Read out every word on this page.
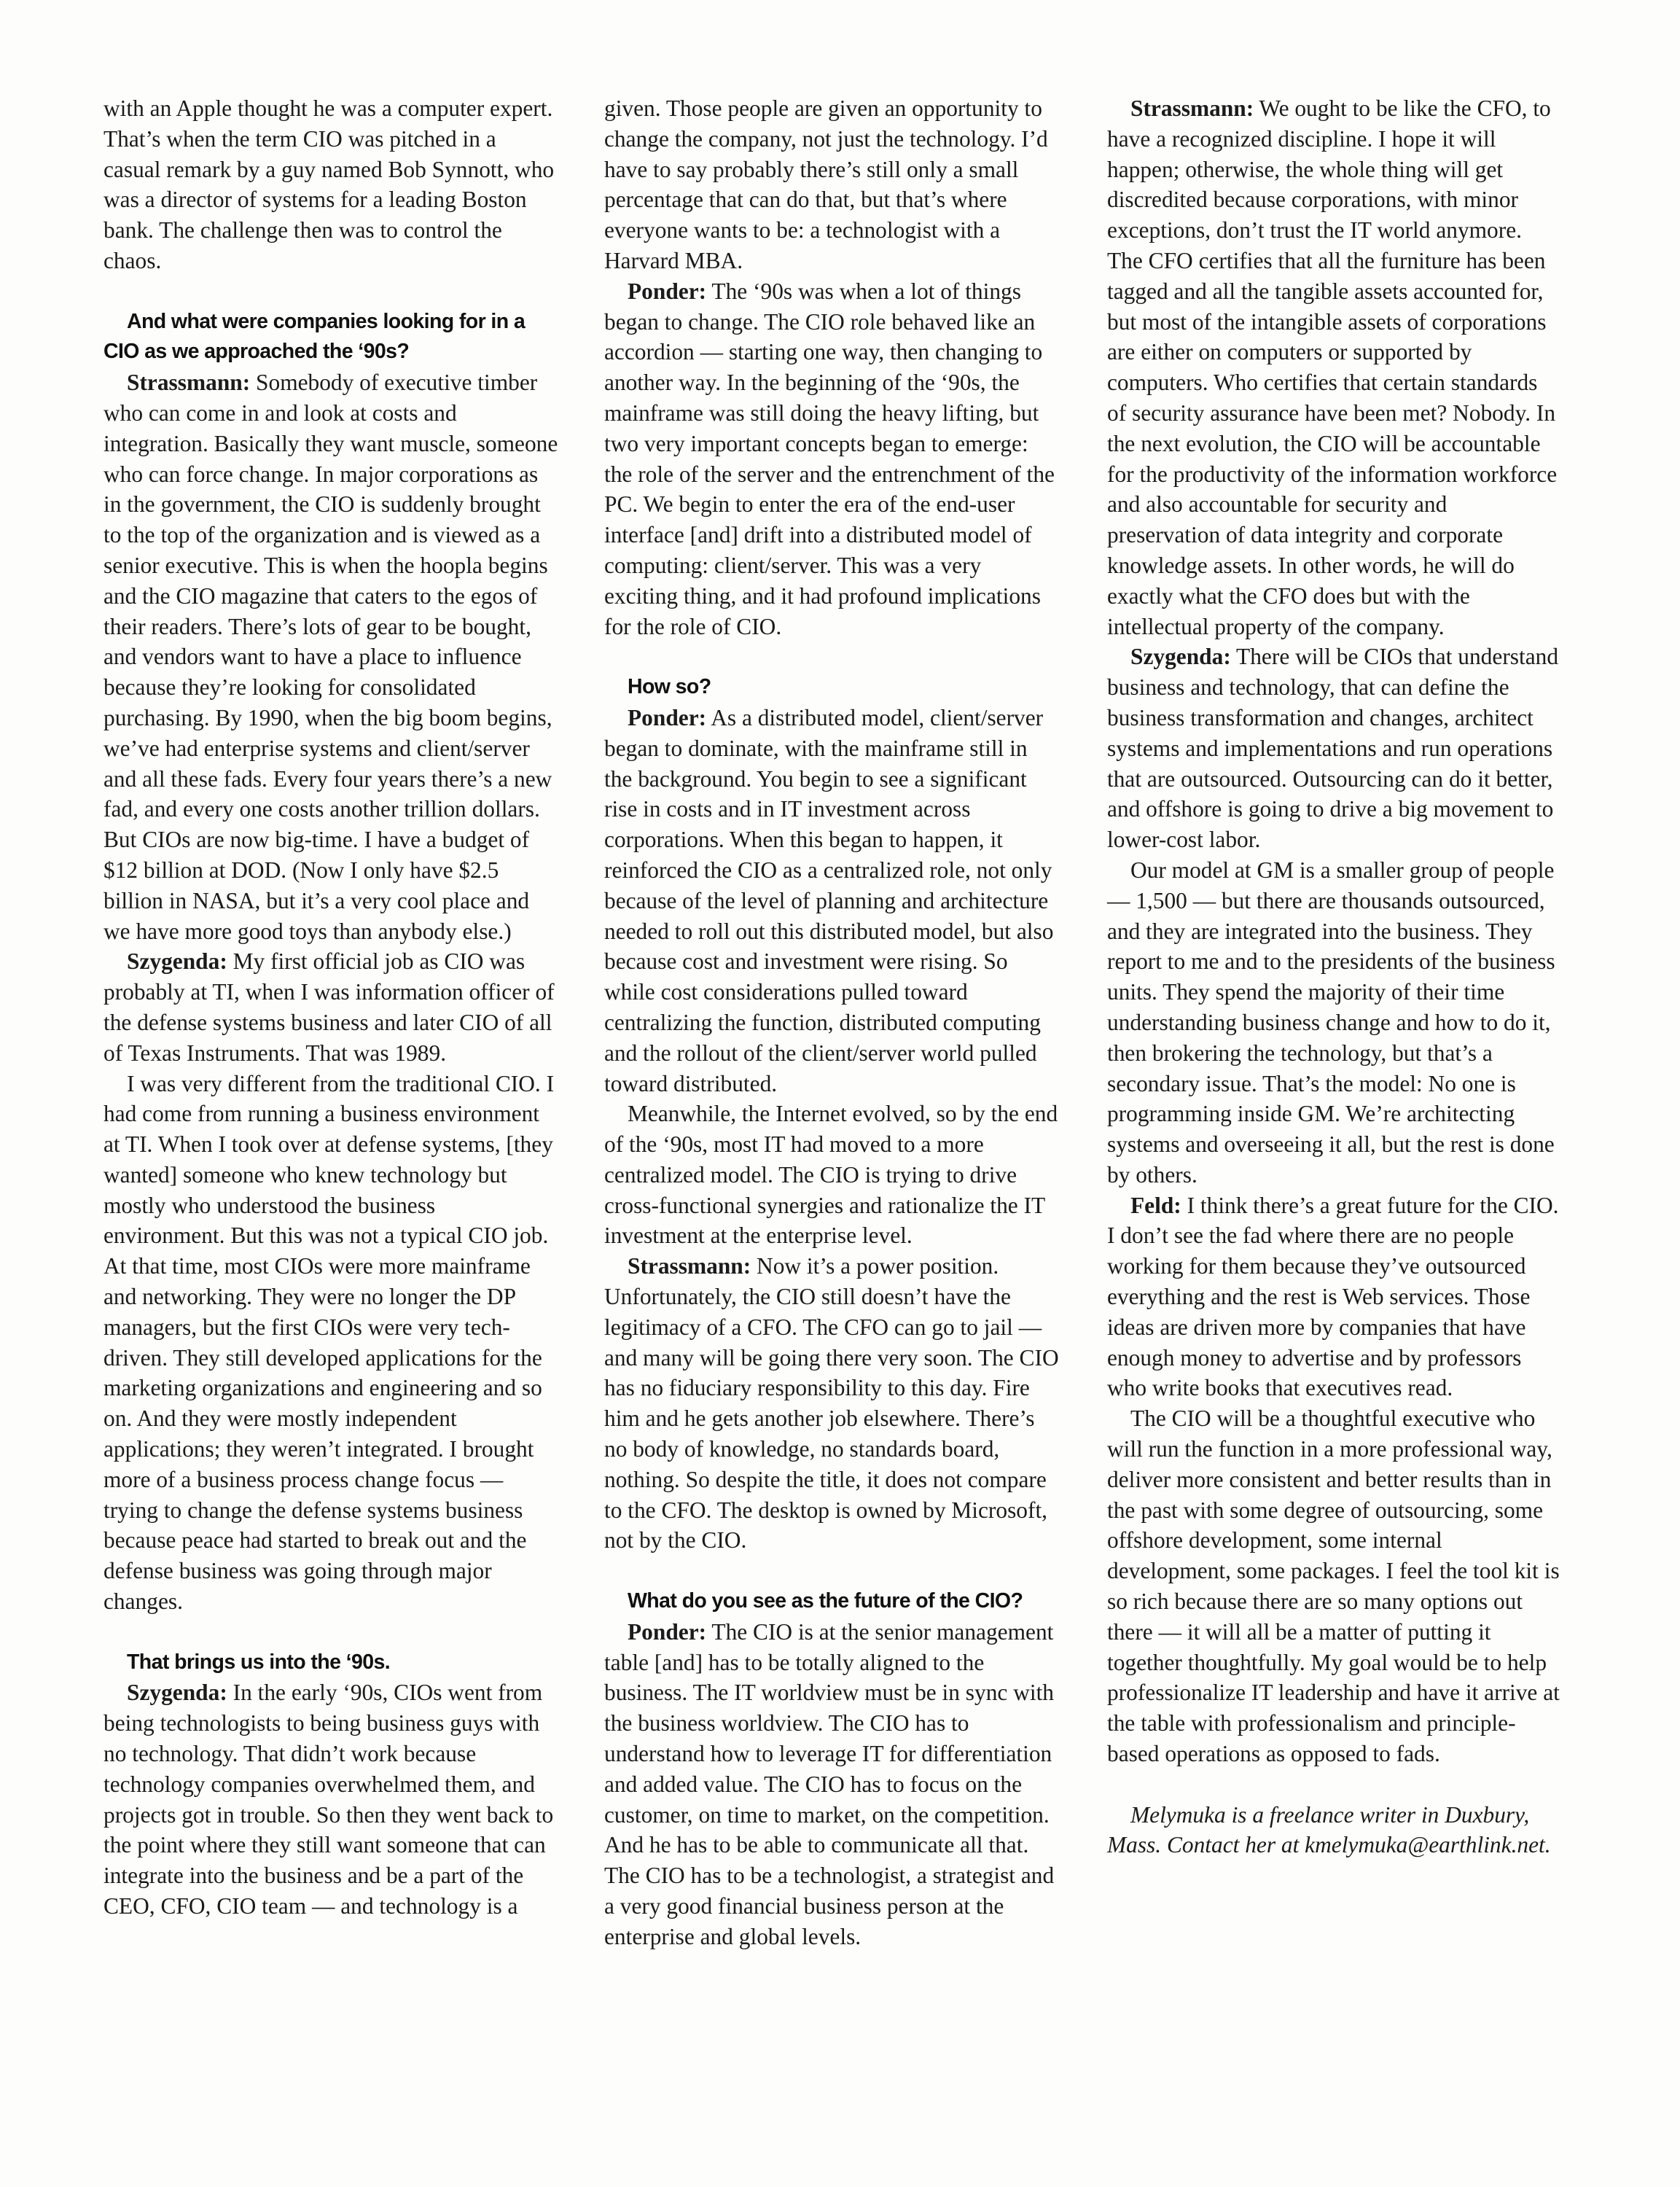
with an Apple thought he was a computer expert. That’s when the term CIO was pitched in a casual remark by a guy named Bob Synnott, who was a director of systems for a leading Boston bank. The challenge then was to control the chaos.

And what were companies looking for in a CIO as we approached the ‘90s?

Strassmann: Somebody of executive timber who can come in and look at costs and integration. Basically they want muscle, someone who can force change. In major corporations as in the government, the CIO is suddenly brought to the top of the organization and is viewed as a senior executive. This is when the hoopla begins and the CIO magazine that caters to the egos of their readers. There’s lots of gear to be bought, and vendors want to have a place to influence because they’re looking for consolidated purchasing. By 1990, when the big boom begins, we’ve had enterprise systems and client/server and all these fads. Every four years there’s a new fad, and every one costs another trillion dollars. But CIOs are now big-time. I have a budget of $12 billion at DOD. (Now I only have $2.5 billion in NASA, but it’s a very cool place and we have more good toys than anybody else.)

Szygenda: My first official job as CIO was probably at TI, when I was information officer of the defense systems business and later CIO of all of Texas Instruments. That was 1989.

I was very different from the traditional CIO. I had come from running a business environment at TI. When I took over at defense systems, [they wanted] someone who knew technology but mostly who understood the business environment. But this was not a typical CIO job. At that time, most CIOs were more mainframe and networking. They were no longer the DP managers, but the first CIOs were very tech-driven. They still developed applications for the marketing organizations and engineering and so on. And they were mostly independent applications; they weren’t integrated. I brought more of a business process change focus — trying to change the defense systems business because peace had started to break out and the defense business was going through major changes.

That brings us into the ‘90s.

Szygenda: In the early ‘90s, CIOs went from being technologists to being business guys with no technology. That didn’t work because technology companies overwhelmed them, and projects got in trouble. So then they went back to the point where they still want someone that can integrate into the business and be a part of the CEO, CFO, CIO team — and technology is a

given. Those people are given an opportunity to change the company, not just the technology. I’d have to say probably there’s still only a small percentage that can do that, but that’s where everyone wants to be: a technologist with a Harvard MBA.

Ponder: The ‘90s was when a lot of things began to change. The CIO role behaved like an accordion — starting one way, then changing to another way. In the beginning of the ‘90s, the mainframe was still doing the heavy lifting, but two very important concepts began to emerge: the role of the server and the entrenchment of the PC. We begin to enter the era of the end-user interface [and] drift into a distributed model of computing: client/server. This was a very exciting thing, and it had profound implications for the role of CIO.

How so?

Ponder: As a distributed model, client/server began to dominate, with the mainframe still in the background. You begin to see a significant rise in costs and in IT investment across corporations. When this began to happen, it reinforced the CIO as a centralized role, not only because of the level of planning and architecture needed to roll out this distributed model, but also because cost and investment were rising. So while cost considerations pulled toward centralizing the function, distributed computing and the rollout of the client/server world pulled toward distributed.

Meanwhile, the Internet evolved, so by the end of the ‘90s, most IT had moved to a more centralized model. The CIO is trying to drive cross-functional synergies and rationalize the IT investment at the enterprise level.

Strassmann: Now it’s a power position. Unfortunately, the CIO still doesn’t have the legitimacy of a CFO. The CFO can go to jail — and many will be going there very soon. The CIO has no fiduciary responsibility to this day. Fire him and he gets another job elsewhere. There’s no body of knowledge, no standards board, nothing. So despite the title, it does not compare to the CFO. The desktop is owned by Microsoft, not by the CIO.

What do you see as the future of the CIO?

Ponder: The CIO is at the senior management table [and] has to be totally aligned to the business. The IT worldview must be in sync with the business worldview. The CIO has to understand how to leverage IT for differentiation and added value. The CIO has to focus on the customer, on time to market, on the competition. And he has to be able to communicate all that. The CIO has to be a technologist, a strategist and a very good financial business person at the enterprise and global levels.

Strassmann: We ought to be like the CFO, to have a recognized discipline. I hope it will happen; otherwise, the whole thing will get discredited because corporations, with minor exceptions, don’t trust the IT world anymore. The CFO certifies that all the furniture has been tagged and all the tangible assets accounted for, but most of the intangible assets of corporations are either on computers or supported by computers. Who certifies that certain standards of security assurance have been met? Nobody. In the next evolution, the CIO will be accountable for the productivity of the information workforce and also accountable for security and preservation of data integrity and corporate knowledge assets. In other words, he will do exactly what the CFO does but with the intellectual property of the company.

Szygenda: There will be CIOs that understand business and technology, that can define the business transformation and changes, architect systems and implementations and run operations that are outsourced. Outsourcing can do it better, and offshore is going to drive a big movement to lower-cost labor.

Our model at GM is a smaller group of people — 1,500 — but there are thousands outsourced, and they are integrated into the business. They report to me and to the presidents of the business units. They spend the majority of their time understanding business change and how to do it, then brokering the technology, but that’s a secondary issue. That’s the model: No one is programming inside GM. We’re architecting systems and overseeing it all, but the rest is done by others.

Feld: I think there’s a great future for the CIO. I don’t see the fad where there are no people working for them because they’ve outsourced everything and the rest is Web services. Those ideas are driven more by companies that have enough money to advertise and by professors who write books that executives read.

The CIO will be a thoughtful executive who will run the function in a more professional way, deliver more consistent and better results than in the past with some degree of outsourcing, some offshore development, some internal development, some packages. I feel the tool kit is so rich because there are so many options out there — it will all be a matter of putting it together thoughtfully. My goal would be to help professionalize IT leadership and have it arrive at the table with professionalism and principle-based operations as opposed to fads.

Melymuka is a freelance writer in Duxbury, Mass. Contact her at kmelymuka@earthlink.net.
